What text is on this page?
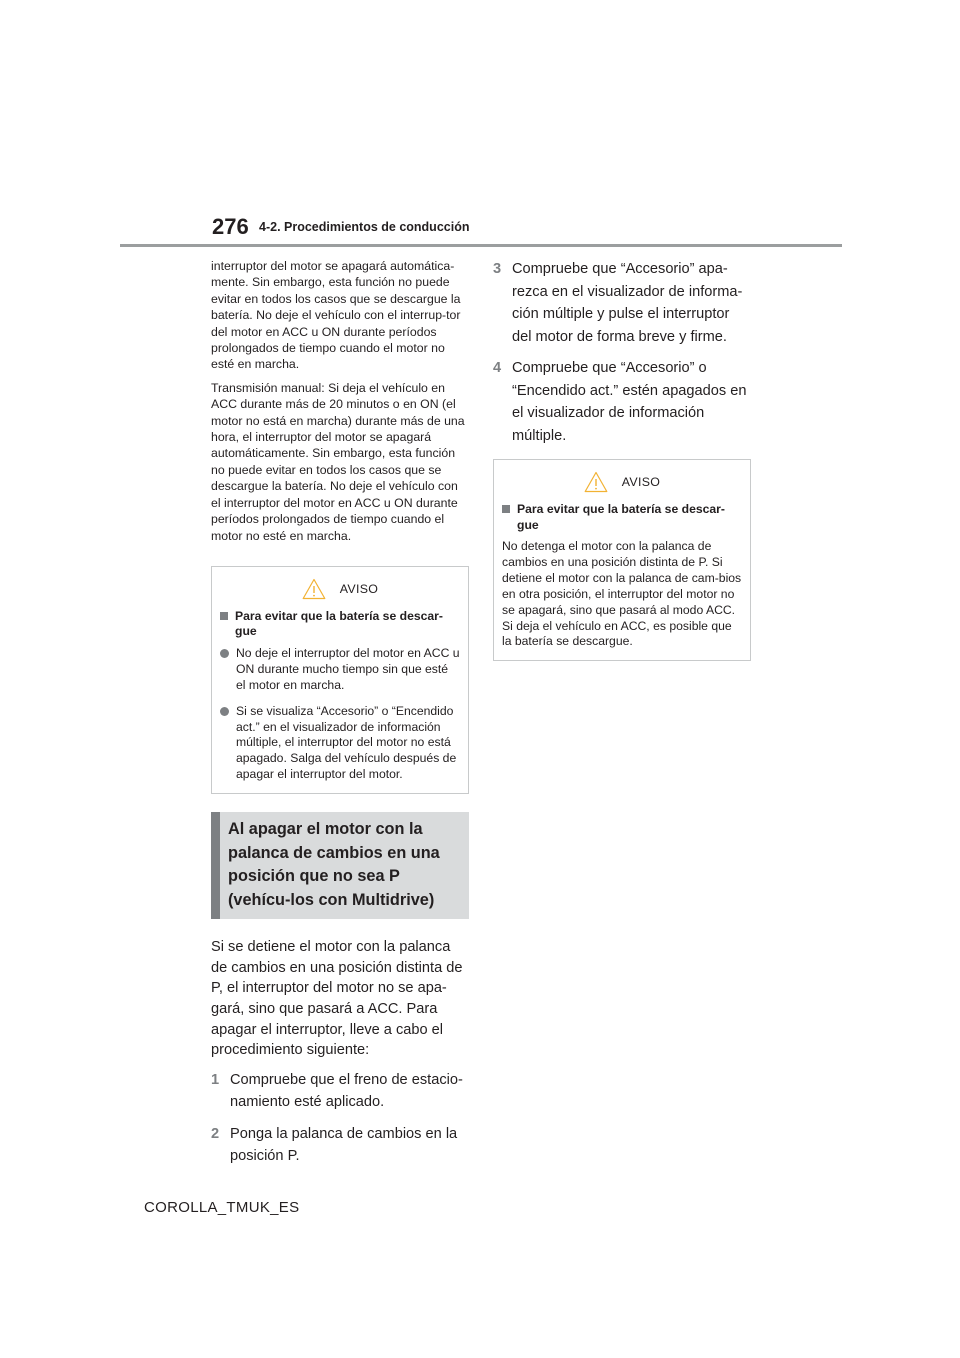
276 4-2. Procedimientos de conducción

interruptor del motor se apagará automática-mente. Sin embargo, esta función no puede evitar en todos los casos que se descargue la batería. No deje el vehículo con el interrup-tor del motor en ACC u ON durante períodos prolongados de tiempo cuando el motor no esté en marcha.

Transmisión manual: Si deja el vehículo en ACC durante más de 20 minutos o en ON (el motor no está en marcha) durante más de una hora, el interruptor del motor se apagará automáticamente. Sin embargo, esta función no puede evitar en todos los casos que se descargue la batería. No deje el vehículo con el interruptor del motor en ACC u ON durante períodos prolongados de tiempo cuando el motor no esté en marcha.

AVISO
Para evitar que la batería se descar-gue
No deje el interruptor del motor en ACC u ON durante mucho tiempo sin que esté el motor en marcha.
Si se visualiza “Accesorio” o “Encendido act.” en el visualizador de información múltiple, el interruptor del motor no está apagado. Salga del vehículo después de apagar el interruptor del motor.
Al apagar el motor con la palanca de cambios en una posición que no sea P (vehícu-los con Multidrive)

Si se detiene el motor con la palanca de cambios en una posición distinta de P, el interruptor del motor no se apa-gará, sino que pasará a ACC. Para apagar el interruptor, lleve a cabo el procedimiento siguiente:

1 Compruebe que el freno de estacio-namiento esté aplicado.
2 Ponga la palanca de cambios en la posición P.
3 Compruebe que “Accesorio” apa-rezca en el visualizador de informa-ción múltiple y pulse el interruptor del motor de forma breve y firme.
4 Compruebe que “Accesorio” o “Encendido act.” estén apagados en el visualizador de información múltiple.
AVISO
Para evitar que la batería se descar-gue

No detenga el motor con la palanca de cambios en una posición distinta de P. Si detiene el motor con la palanca de cam-bios en otra posición, el interruptor del motor no se apagará, sino que pasará al modo ACC. Si deja el vehículo en ACC, es posible que la batería se descargue.

COROLLA_TMUK_ES
